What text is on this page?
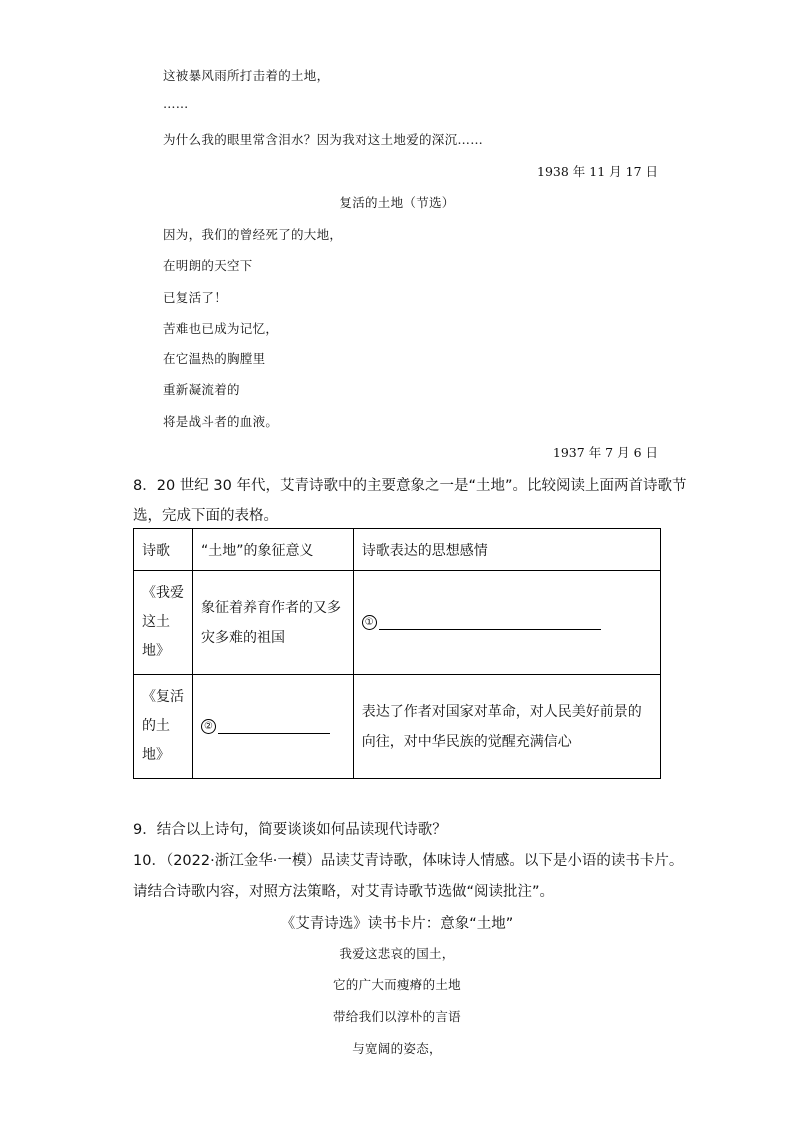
这被暴风雨所打击着的土地，
……
为什么我的眼里常含泪水？因为我对这土地爱的深沉……
1938 年 11 月 17 日
复活的土地（节选）
因为，我们的曾经死了的大地，
在明朗的天空下
已复活了！
苦难也已成为记忆，
在它温热的胸膛里
重新凝流着的
将是战斗者的血液。
1937 年 7 月 6 日
8．20 世纪 30 年代，艾青诗歌中的主要意象之一是“土地”。比较阅读上面两首诗歌节
选，完成下面的表格。
诗歌	“土地”的象征意义	诗歌表达的思想感情

《我爱这土地》	象征着养育作者的又多灾多难的祖国	①

《复活的土地》	②	表达了作者对国家对革命，对人民美好前景的向往，对中华民族的觉醒充满信心
9．结合以上诗句，简要谈谈如何品读现代诗歌？
10．（2022·浙江金华·一模）品读艾青诗歌，体味诗人情感。以下是小语的读书卡片。
请结合诗歌内容，对照方法策略，对艾青诗歌节选做“阅读批注”。
《艾青诗选》读书卡片：意象“土地”
我爱这悲哀的国土，
它的广大而瘦瘠的土地
带给我们以淳朴的言语
与宽阔的姿态，
